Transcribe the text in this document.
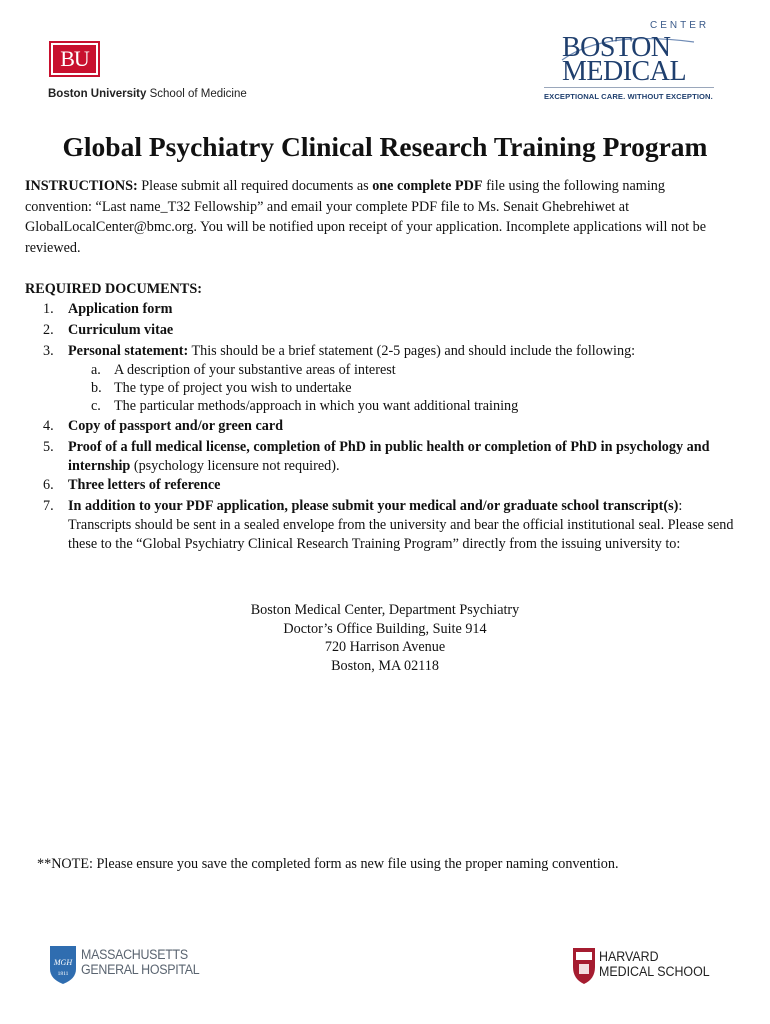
BU
Boston University School of Medicine
CENTER
BOSTON
MEDICAL
EXCEPTIONAL CARE. WITHOUT EXCEPTION.
Global Psychiatry Clinical Research Training Program
INSTRUCTIONS: Please submit all required documents as one complete PDF file using the following naming convention: “Last name_T32 Fellowship” and email your complete PDF file to Ms. Senait Ghebrehiwet at GlobalLocalCenter@bmc.org. You will be notified upon receipt of your application. Incomplete applications will not be reviewed.
REQUIRED DOCUMENTS:
1. Application form
2. Curriculum vitae
3. Personal statement: This should be a brief statement (2-5 pages) and should include the following:
a. A description of your substantive areas of interest
b. The type of project you wish to undertake
c. The particular methods/approach in which you want additional training
4. Copy of passport and/or green card
5. Proof of a full medical license, completion of PhD in public health or completion of PhD in psychology and internship (psychology licensure not required).
6. Three letters of reference
7. In addition to your PDF application, please submit your medical and/or graduate school transcript(s): Transcripts should be sent in a sealed envelope from the university and bear the official institutional seal. Please send these to the “Global Psychiatry Clinical Research Training Program” directly from the issuing university to:
Boston Medical Center, Department Psychiatry
Doctor’s Office Building, Suite 914
720 Harrison Avenue
Boston, MA 02118
**NOTE: Please ensure you save the completed form as new file using the proper naming convention.
MGH
1811
MASSACHUSETTS
GENERAL HOSPITAL
HARVARD
MEDICAL SCHOOL
